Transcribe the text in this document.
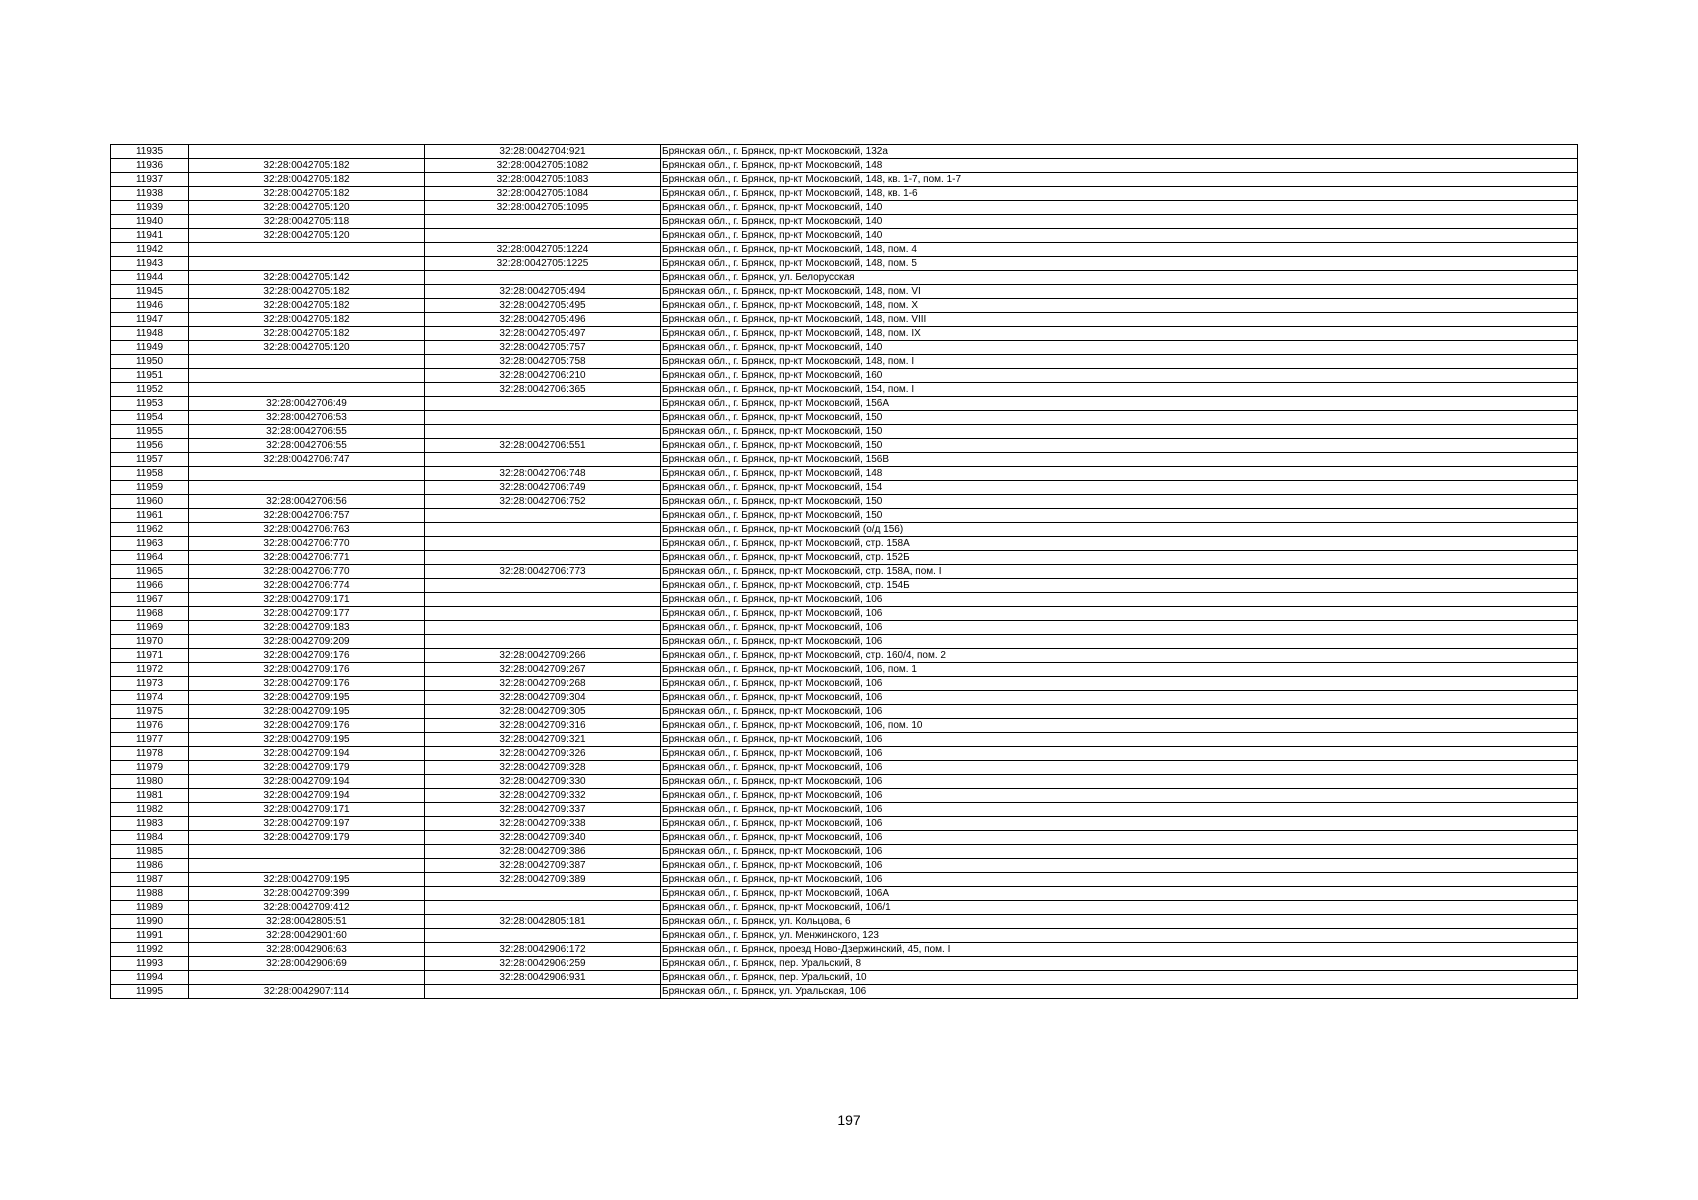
11935		32:28:0042704:921	Брянская обл., г. Брянск, пр-кт Московский, 132а
11936	32:28:0042705:182	32:28:0042705:1082	Брянская обл., г. Брянск, пр-кт Московский, 148
11937	32:28:0042705:182	32:28:0042705:1083	Брянская обл., г. Брянск, пр-кт Московский, 148, кв. 1-7, пом. 1-7
11938	32:28:0042705:182	32:28:0042705:1084	Брянская обл., г. Брянск, пр-кт Московский, 148, кв. 1-6
11939	32:28:0042705:120	32:28:0042705:1095	Брянская обл., г. Брянск, пр-кт Московский, 140
11940	32:28:0042705:118		Брянская обл., г. Брянск, пр-кт Московский, 140
11941	32:28:0042705:120		Брянская обл., г. Брянск, пр-кт Московский, 140
11942		32:28:0042705:1224	Брянская обл., г. Брянск, пр-кт Московский, 148, пом. 4
11943		32:28:0042705:1225	Брянская обл., г. Брянск, пр-кт Московский, 148, пом. 5
11944	32:28:0042705:142		Брянская обл., г. Брянск, ул. Белорусская
11945	32:28:0042705:182	32:28:0042705:494	Брянская обл., г. Брянск, пр-кт Московский, 148, пом. VI
11946	32:28:0042705:182	32:28:0042705:495	Брянская обл., г. Брянск, пр-кт Московский, 148, пом. X
11947	32:28:0042705:182	32:28:0042705:496	Брянская обл., г. Брянск, пр-кт Московский, 148, пом. VIII
11948	32:28:0042705:182	32:28:0042705:497	Брянская обл., г. Брянск, пр-кт Московский, 148, пом. IX
11949	32:28:0042705:120	32:28:0042705:757	Брянская обл., г. Брянск, пр-кт Московский, 140
11950		32:28:0042705:758	Брянская обл., г. Брянск, пр-кт Московский, 148, пом. I
11951		32:28:0042706:210	Брянская обл., г. Брянск, пр-кт Московский, 160
11952		32:28:0042706:365	Брянская обл., г. Брянск, пр-кт Московский, 154, пом. I
11953	32:28:0042706:49		Брянская обл., г. Брянск, пр-кт Московский, 156А
11954	32:28:0042706:53		Брянская обл., г. Брянск, пр-кт Московский, 150
11955	32:28:0042706:55		Брянская обл., г. Брянск, пр-кт Московский, 150
11956	32:28:0042706:55	32:28:0042706:551	Брянская обл., г. Брянск, пр-кт Московский, 150
11957	32:28:0042706:747		Брянская обл., г. Брянск, пр-кт Московский, 156В
11958		32:28:0042706:748	Брянская обл., г. Брянск, пр-кт Московский, 148
11959		32:28:0042706:749	Брянская обл., г. Брянск, пр-кт Московский, 154
11960	32:28:0042706:56	32:28:0042706:752	Брянская обл., г. Брянск, пр-кт Московский, 150
11961	32:28:0042706:757		Брянская обл., г. Брянск, пр-кт Московский, 150
11962	32:28:0042706:763		Брянская обл., г. Брянск, пр-кт Московский (о/д 156)
11963	32:28:0042706:770		Брянская обл., г. Брянск, пр-кт Московский, стр. 158А
11964	32:28:0042706:771		Брянская обл., г. Брянск, пр-кт Московский, стр. 152Б
11965	32:28:0042706:770	32:28:0042706:773	Брянская обл., г. Брянск, пр-кт Московский, стр. 158А, пом. I
11966	32:28:0042706:774		Брянская обл., г. Брянск, пр-кт Московский, стр. 154Б
11967	32:28:0042709:171		Брянская обл., г. Брянск, пр-кт Московский, 106
11968	32:28:0042709:177		Брянская обл., г. Брянск, пр-кт Московский, 106
11969	32:28:0042709:183		Брянская обл., г. Брянск, пр-кт Московский, 106
11970	32:28:0042709:209		Брянская обл., г. Брянск, пр-кт Московский, 106
11971	32:28:0042709:176	32:28:0042709:266	Брянская обл., г. Брянск, пр-кт Московский, стр. 160/4, пом. 2
11972	32:28:0042709:176	32:28:0042709:267	Брянская обл., г. Брянск, пр-кт Московский, 106, пом. 1
11973	32:28:0042709:176	32:28:0042709:268	Брянская обл., г. Брянск, пр-кт Московский, 106
11974	32:28:0042709:195	32:28:0042709:304	Брянская обл., г. Брянск, пр-кт Московский, 106
11975	32:28:0042709:195	32:28:0042709:305	Брянская обл., г. Брянск, пр-кт Московский, 106
11976	32:28:0042709:176	32:28:0042709:316	Брянская обл., г. Брянск, пр-кт Московский, 106, пом. 10
11977	32:28:0042709:195	32:28:0042709:321	Брянская обл., г. Брянск, пр-кт Московский, 106
11978	32:28:0042709:194	32:28:0042709:326	Брянская обл., г. Брянск, пр-кт Московский, 106
11979	32:28:0042709:179	32:28:0042709:328	Брянская обл., г. Брянск, пр-кт Московский, 106
11980	32:28:0042709:194	32:28:0042709:330	Брянская обл., г. Брянск, пр-кт Московский, 106
11981	32:28:0042709:194	32:28:0042709:332	Брянская обл., г. Брянск, пр-кт Московский, 106
11982	32:28:0042709:171	32:28:0042709:337	Брянская обл., г. Брянск, пр-кт Московский, 106
11983	32:28:0042709:197	32:28:0042709:338	Брянская обл., г. Брянск, пр-кт Московский, 106
11984	32:28:0042709:179	32:28:0042709:340	Брянская обл., г. Брянск, пр-кт Московский, 106
11985		32:28:0042709:386	Брянская обл., г. Брянск, пр-кт Московский, 106
11986		32:28:0042709:387	Брянская обл., г. Брянск, пр-кт Московский, 106
11987	32:28:0042709:195	32:28:0042709:389	Брянская обл., г. Брянск, пр-кт Московский, 106
11988	32:28:0042709:399		Брянская обл., г. Брянск, пр-кт Московский, 106А
11989	32:28:0042709:412		Брянская обл., г. Брянск, пр-кт Московский, 106/1
11990	32:28:0042805:51	32:28:0042805:181	Брянская обл., г. Брянск, ул. Кольцова, 6
11991	32:28:0042901:60		Брянская обл., г. Брянск, ул. Менжинского, 123
11992	32:28:0042906:63	32:28:0042906:172	Брянская обл., г. Брянск, проезд Ново-Дзержинский, 45, пом. I
11993	32:28:0042906:69	32:28:0042906:259	Брянская обл., г. Брянск, пер. Уральский, 8
11994		32:28:0042906:931	Брянская обл., г. Брянск, пер. Уральский, 10
11995	32:28:0042907:114		Брянская обл., г. Брянск, ул. Уральская, 106
197
